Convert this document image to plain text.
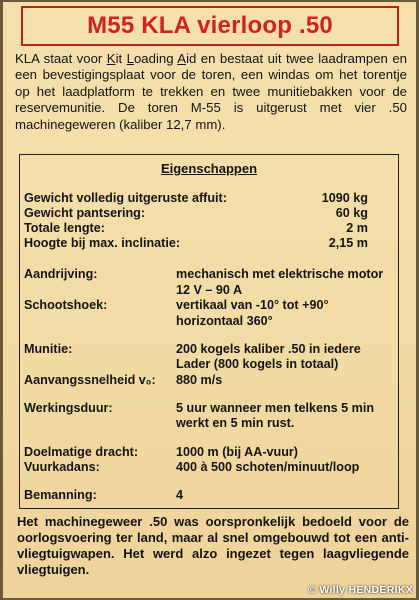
M55 KLA vierloop .50

KLA staat voor Kit Loading Aid en bestaat uit twee laadrampen en een bevestigingsplaat voor de toren, een windas om het torentje op het laadplatform te trekken en twee munitiebakken voor de reservemunitie. De toren M-55 is uitgerust met vier .50 machinegeweren (kaliber 12,7 mm).

Eigenschappen
Gewicht volledig uitgeruste affuit:	1090 kg
Gewicht pantsering:	60 kg
Totale lengte:	2 m
Hoogte bij max. inclinatie:	2,15 m
Aandrijving:	mechanisch met elektrische motor
12 V – 90 A
Schootshoek:	vertikaal van -10° tot +90°
horizontaal 360°
Munitie:	200 kogels kaliber .50 in iedere
Lader (800 kogels in totaal)
Aanvangssnelheid v₀: 880 m/s
Werkingsduur:	5 uur wanneer men telkens 5 min
werkt en 5 min rust.
Doelmatige dracht:	1000 m (bij AA-vuur)
Vuurkadans:	400 à 500 schoten/minuut/loop
Bemanning:	4

Het machinegeweer .50 was oorspronkelijk bedoeld voor de oorlogsvoering ter land, maar al snel omgebouwd tot een anti-vliegtuigwapen. Het werd alzo ingezet tegen laagvliegende vliegtuigen.

© Willy HENDERIKX
